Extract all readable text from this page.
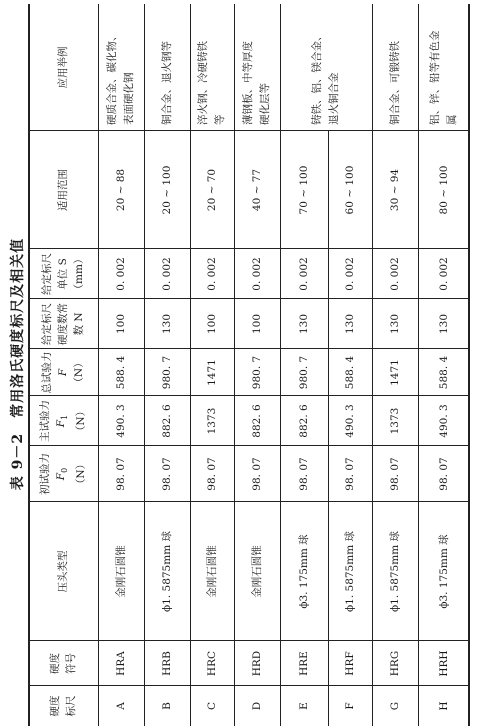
表 9－2　常用洛氏硬度标尺及相关值
硬度 标尺
硬度 符号
压头类型
初试验力 $F_0$ （N）
主试验力 $F_1$ （N）
总试验力 F （N）
给定标尺 硬度数常 数 N
给定标尺 单位 S （mm）
适用范围
应用举例
A
HRA
金刚石圆锥
98. 07
490. 3
588. 4
100
0. 002
20 ~ 88
硬质合金、碳化物、 表面硬化钢
B
HRB
ϕ1. 5875mm 球
98. 07
882. 6
980. 7
130
0. 002
20 ~ 100
铜合金、退火钢等
C
HRC
金刚石圆锥
98. 07
1373
1471
100
0. 002
20 ~ 70
淬火钢、冷硬铸铁 等
D
HRD
金刚石圆锥
98. 07
882. 6
980. 7
100
0. 002
40 ~ 77
薄钢板、中等厚度 硬化层等
E
HRE
ϕ3. 175mm 球
98. 07
882. 6
980. 7
130
0. 002
70 ~ 100
F
HRF
ϕ1. 5875mm 球
98. 07
490. 3
588. 4
130
0. 002
60 ~ 100
G
HRG
ϕ1. 5875mm 球
98. 07
1373
1471
130
0. 002
30 ~ 94
铜合金、可锻铸铁
H
HRH
ϕ3. 175mm 球
98. 07
490. 3
588. 4
130
0. 002
80 ~ 100
铝、锌、铅等有色金 属
铸铁、铝、镁合金、 退火铜合金
